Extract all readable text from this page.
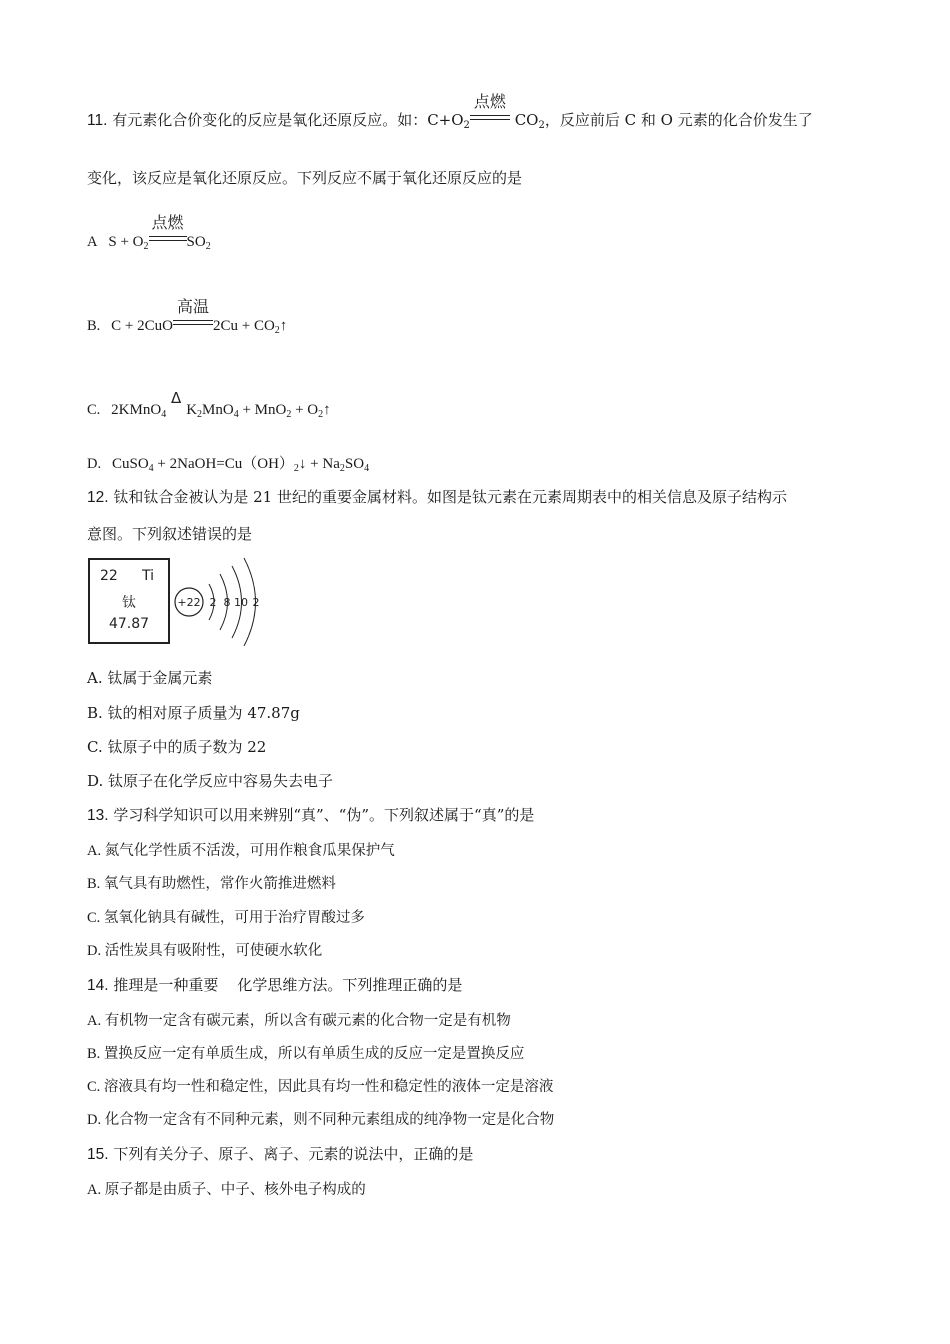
11. 有元素化合价变化的反应是氧化还原反应。如：$C+O_2$
点燃
$CO_2$，反应前后 C 和 O 元素的化合价发生了
变化，该反应是氧化还原反应。下列反应不属于氧化还原反应的是
A $S + O_2$
点燃
$SO_2$
B. C + 2CuO
高温
$2Cu + CO_2↑$
C. 2KMnO$_4$
Δ
$K_2MnO_4 + MnO_2$ + $O_2↑$
D. CuSO$_4$ + $2NaOH=Cu(OH)_2↓ + Na_2SO_4$
12. 钛和钛合金被认为是 21 世纪的重要金属材料。如图是钛元素在元素周期表中的相关信息及原子结构示
意图。下列叙述错误的是
22 Ti
钛
47.87
+22 2 8 10 2
A. 钛属于金属元素
B. 钛的相对原子质量为 47.87g
C. 钛原子中的质子数为 22
D. 钛原子在化学反应中容易失去电子
13. 学习科学知识可以用来辨别“真”、“伪”。下列叙述属于“真”的是
A. 氮气化学性质不活泼，可用作粮食瓜果保护气
B. 氧气具有助燃性，常作火箭推进燃料
C. 氢氧化钠具有碱性，可用于治疗胃酸过多
D. 活性炭具有吸附性，可使硬水软化
14. 推理是一种重要    化学思维方法。下列推理正确的是
A. 有机物一定含有碳元素，所以含有碳元素的化合物一定是有机物
B. 置换反应一定有单质生成，所以有单质生成的反应一定是置换反应
C. 溶液具有均一性和稳定性，因此具有均一性和稳定性的液体一定是溶液
D. 化合物一定含有不同种元素，则不同种元素组成的纯净物一定是化合物
15. 下列有关分子、原子、离子、元素的说法中，正确的是
A. 原子都是由质子、中子、核外电子构成的
